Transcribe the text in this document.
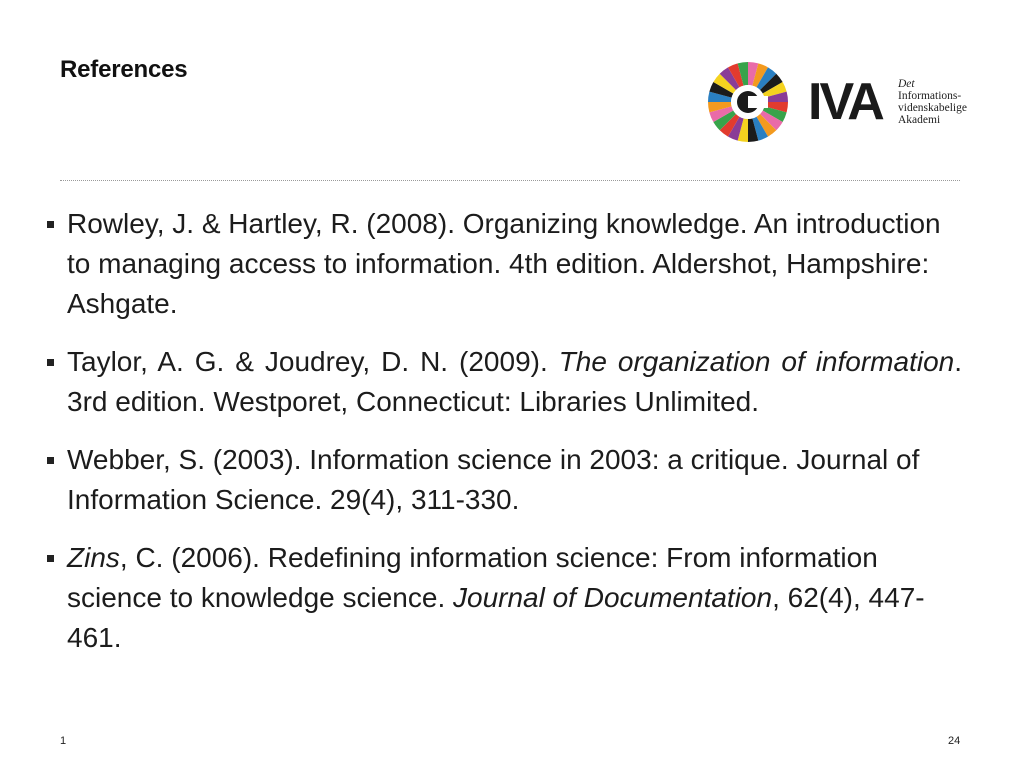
References
IVA Det
Informations-
videnskabelige
Akademi
Rowley, J. & Hartley, R. (2008). Organizing knowledge. An introduction to managing access to information. 4th edition. Aldershot, Hampshire: Ashgate.
Taylor, A. G. & Joudrey, D. N. (2009). The organization of information. 3rd edition. Westporet, Connecticut: Libraries Unlimited.
Webber, S. (2003). Information science in 2003: a critique. Journal of Information Science. 29(4), 311-330.
Zins, C. (2006). Redefining information science: From information science to knowledge science. Journal of Documentation, 62(4), 447-461.
1	24
